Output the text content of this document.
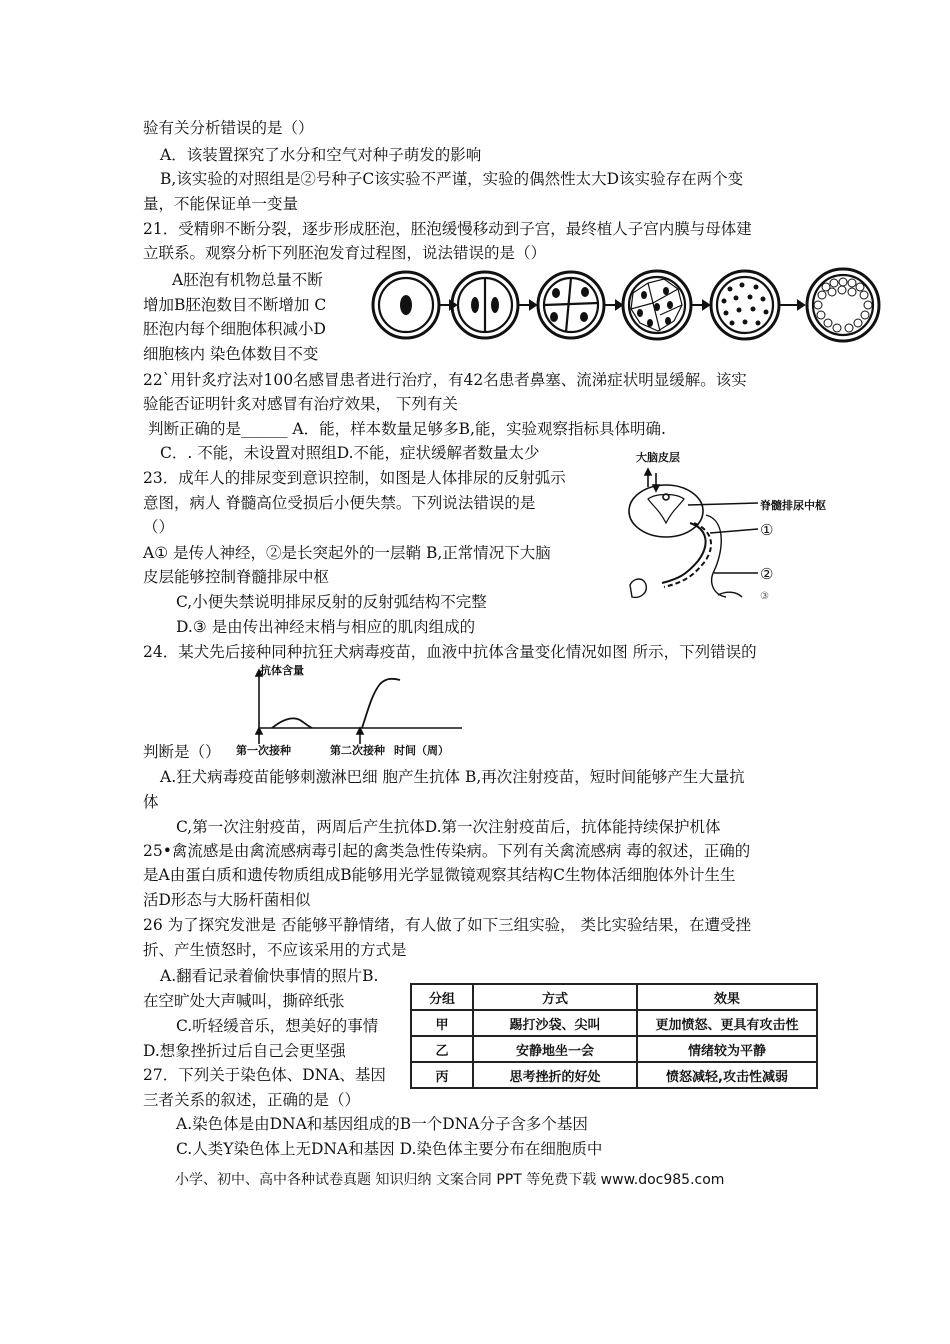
验有关分析错误的是（）
A．该装置探究了水分和空气对种子萌发的影响
B,该实验的对照组是②号种子C该实验不严谨，实验的偶然性太大D该实验存在两个变
量，不能保证单一变量
21．受精卵不断分裂，逐步形成胚泡，胚泡缓慢移动到子宫，最终植人子宫内膜与母体建
立联系。观察分析下列胚泡发育过程图，说法错误的是（）
A胚泡有机物总量不断
增加B胚泡数目不断增加 C
胚泡内每个细胞体积减小D
细胞核内 染色体数目不变
22`用针炙疗法对100名感冒患者进行治疗，有42名患者鼻塞、流涕症状明显缓解。该实
验能否证明针炙对感冒有治疗效果， 下列有关
判断正确的是______ A．能，样本数量足够多B,能，实验观察指标具体明确.
C．. 不能，未设置对照组D.不能，症状缓解者数量太少
23．成年人的排尿变到意识控制，如图是人体排尿的反射弧示
意图，病人 脊髓高位受损后小便失禁。下列说法错误的是
（）
A① 是传人神经，②是长突起外的一层鞘 B,正常情况下大脑
皮层能够控制脊髓排尿中枢
C,小便失禁说明排尿反射的反射弧结构不完整
D.③ 是由传出神经末梢与相应的肌肉组成的
24．某犬先后接种同种抗狂犬病毒疫苗，血液中抗体含量变化情况如图 所示，下列错误的
判断是（）
A.狂犬病毒疫苗能够刺激淋巴细 胞产生抗体 B,再次注射疫苗，短时间能够产生大量抗
体
C,第一次注射疫苗，两周后产生抗体D.第一次注射疫苗后，抗体能持续保护机体
25•禽流感是由禽流感病毒引起的禽类急性传染病。下列有关禽流感病 毒的叙述，正确的
是A由蛋白质和遗传物质组成B能够用光学显微镜观察其结构C生物体活细胞体外计生生
活D形态与大肠杆菌相似
26 为了探究发泄是 否能够平静情绪，有人做了如下三组实验， 类比实验结果，在遭受挫
折、产生愤怒时，不应该采用的方式是
A.翻看记录着偷快事情的照片B.
在空旷处大声喊叫，撕碎纸张
C.听轻缓音乐，想美好的事情
D.想象挫折过后自己会更坚强
27．下列关于染色体、DNA、基因
三者关系的叙述，正确的是（）
A.染色体是由DNA和基因组成的B一个DNA分子含多个基因
C.人类Y染色体上无DNA和基因 D.染色体主要分布在细胞质中
大脑皮层
脊髓排尿中枢
①
②
③
抗体含量
第一次接种	第二次接种 时间（周）
分组	方式	效果
甲	踢打沙袋、尖叫	更加愤怒、更具有攻击性
乙	安静地坐一会	情绪较为平静
丙	思考挫折的好处	愤怒减轻,攻击性减弱
小学、初中、高中各种试卷真题 知识归纳 文案合同 PPT 等免费下载 www.doc985.com
